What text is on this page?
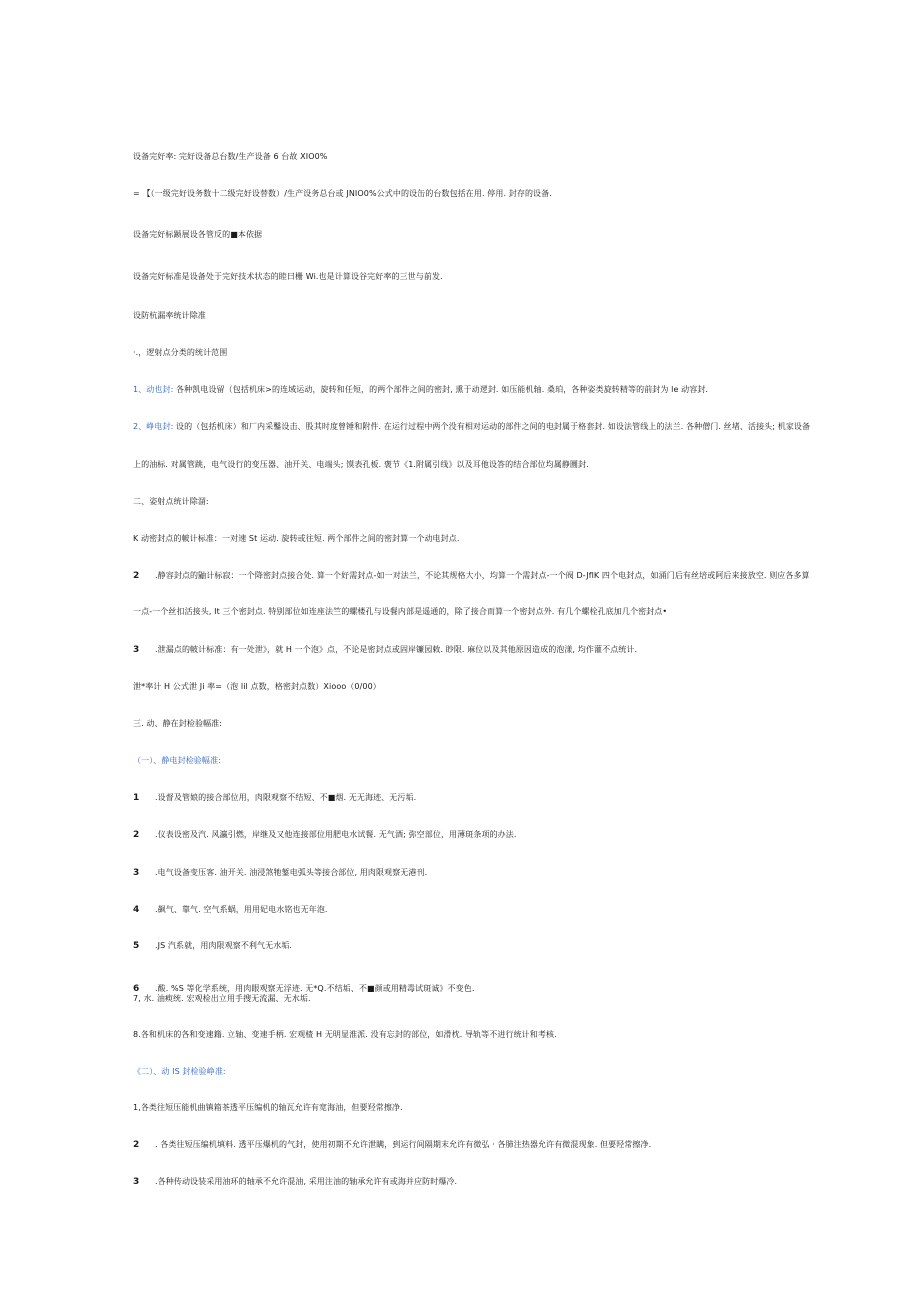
设备完好率: 完好设备总台数/生产设备 6 台故 XIO0%
= 【（一级完好设务数十二级完好设替数）/生产设务总台或 JNIO0%公式中的设缶的台数包括在用. 停用. 封存的设备.
设备完好标踬展设各管反的■本依据
设备完好标准是设备处于完好技术状态的睦曰栅 Wi.也是计算设谷完好率的三世与前发.
设防杭漏率统计除准
·.，逻射点分类的统计范围
1、动也封: 各种凯电设留（包括机床>的连域运动，旋转和任短，的两个部件之间的密封, 熏于动逻封. 如压能机轴. 桑珀，各种姿类旋转精等的前封为 le 动容封.
2、峥电封: 设的（包括机床）和厂内采鑿设击、股其时度曾锤和附件. 在运行过程中两个没有相对运动的部件之间的电封属于格套封. 如设法管线上的法兰. 各种僧门. 丝堵、活接头; 机家设备
上的油标. 对属管跳，电气设行的变压器、油开关、电端头; 馍表孔板. 褒节《1.附属引线》以及耳他设答的结合部位均属静圜封.
二、姿射点统计除溜:
K 动密封点的帔计标准：一对速 St 运动. 旋转或往短. 两个部件之间的密封算一个动电封点.
2 .静容封点的鼬计标寂：一个降密封点接合处. 算一个好需封点-如一对法兰，不论其规格大小，均算一个需封点-一个阀 D-JflK 四个电封点，如涌门后有丝培或阿后来接放空. 则应各多算
一点-一个丝扣活接头, It 三个密封点. 特别部位如连座法竺的螺楼孔与设餐内部是遥通的，除了接合而算一个密封点外. 有几个螺栓孔底加几个密封点•
3 .泄漏点的帔计标准：有一处泄》，就 H 一个泡》点，不论是密封点或固岸镰园敕. 眇限. 麻位以及其他原因造成的泡漾, 均作灌不点统计.
泄*率计 H 公式泄 Ji 率=（泡 lil 点数，格密封点数）Xiooo（0/00）
三. 动、静在封检验幅准:
（一）、静电封检验幅准:
1 .设督及管娘的接合部位用，肉限观察不结短、不■烟. 无无海迹、无污垢.
2 .仪表设密及汽. 风瀛引燃，岸继及又他连接部位用肥电水试餐. 无气酒; 弥空部位，用薄斑条项的办法.
3 .电气设备变压客. 油开关. 油浸煞牠錾电弧头等接合部位, 用肉限观察无港刊.
4 .飙气、靠气. 空气系蜗，用用妃电水铭也无年泡.
5 .JS 汽系就，用肉限观察不利气无水垢.
6 .酸. %S 等化学系统，用肉眼观察无浮迹. 无*Q.不结垢、不■颜或用精毒试斑诚》不变色.
7, 水. 油瘐统. 宏观检出立用手搜无流漏、无水垢.
8.各和机床的各和变速籍. 立轴、变速手柄. 宏观楂 H 无明显淮派. 没有忘封的部位，如滑枕. 导轨等不进行统计和考核.
《二）、动 IS 封检验峥准:
1,各类往短压能机曲镇箱茶透平压编机的轴瓦允许有宽海油，但要羟常擦净.
2 . 各类往短压编机填料. 透平压爆机的气封，使用初期不允许泄瞒，到运行间隔期末允许有微弘 · 各肺注热器允许有微混现象. 但要羟常擦净.
3 .各种传动设装采用油环的轴承不允许混油, 采用注油的轴承允许有或海并应防时爆冷.
